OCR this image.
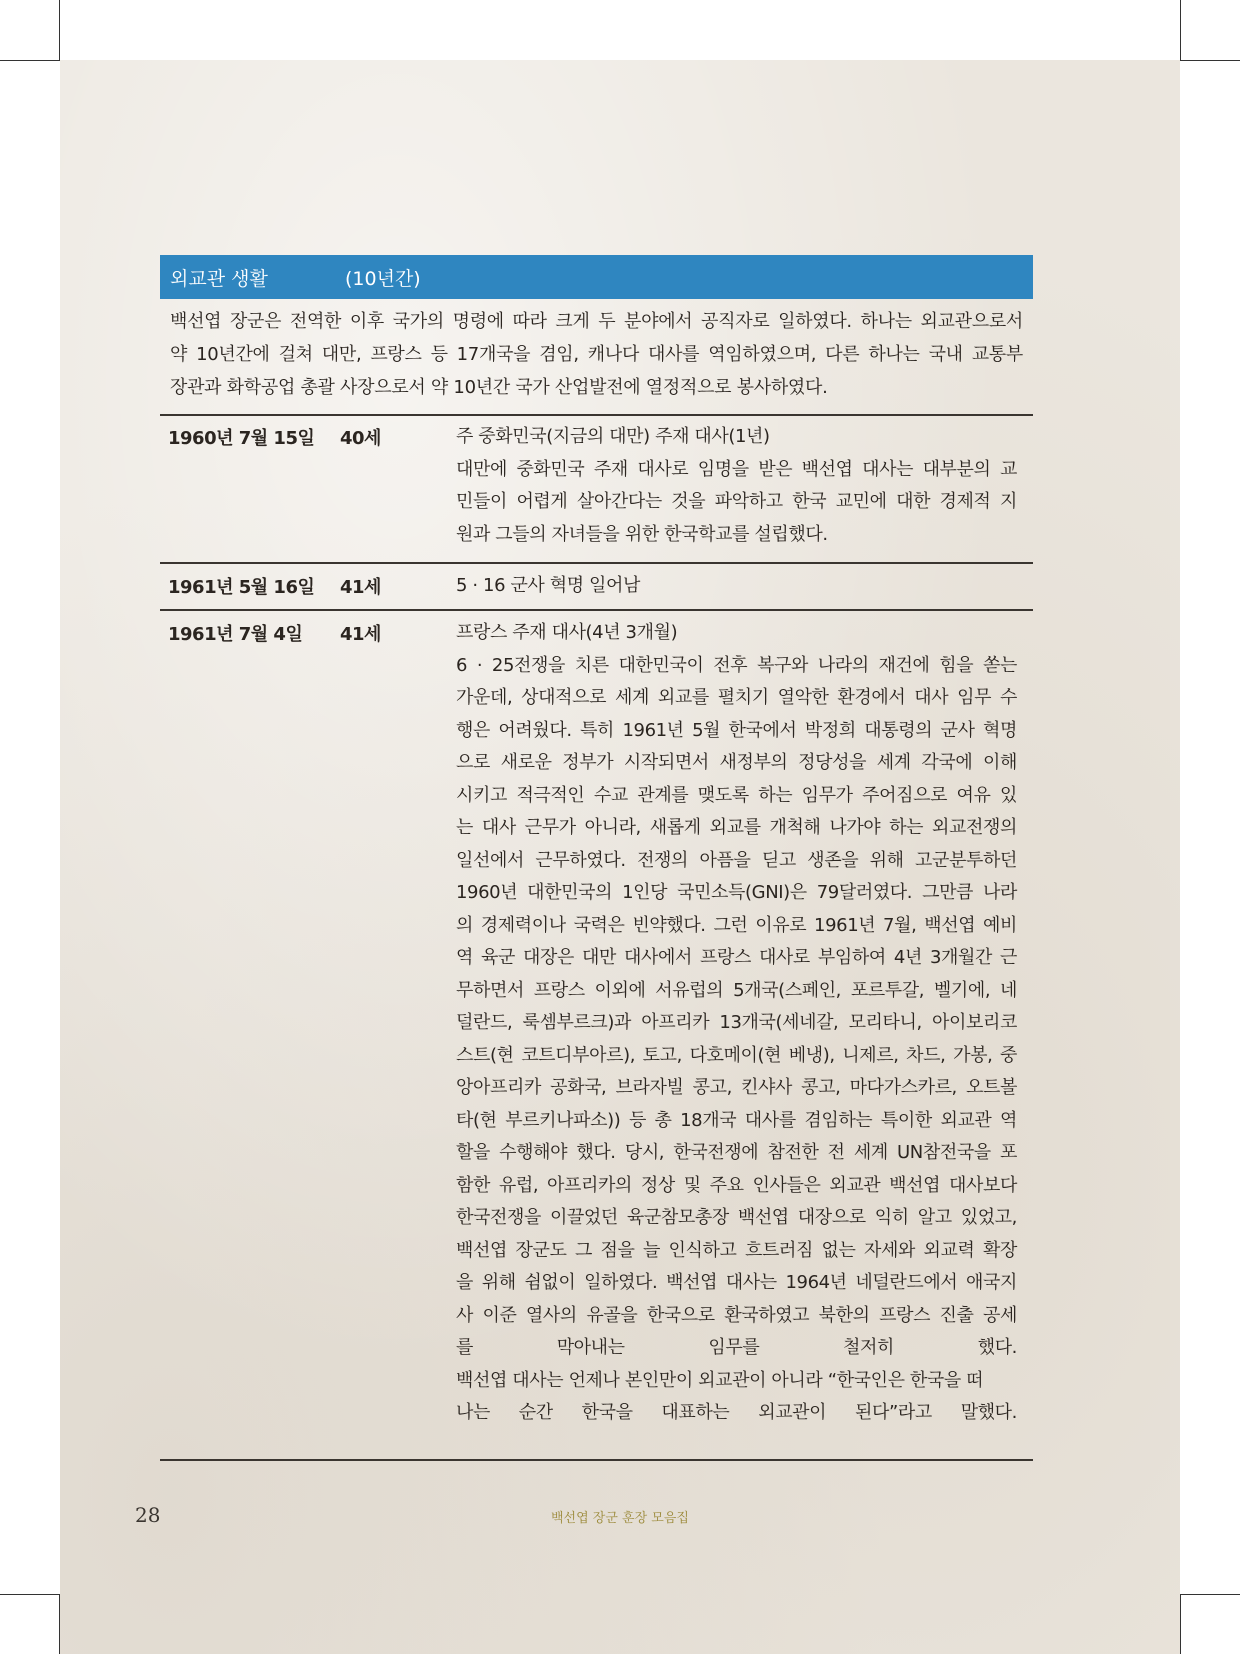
외교관 생활	(10년간)
백선엽 장군은 전역한 이후 국가의 명령에 따라 크게 두 분야에서 공직자로 일하였다. 하나는 외교관으로서
약 10년간에 걸쳐 대만, 프랑스 등 17개국을 겸임, 캐나다 대사를 역임하였으며, 다른 하나는 국내 교통부
장관과 화학공업 총괄 사장으로서 약 10년간 국가 산업발전에 열정적으로 봉사하였다.
1960년 7월 15일 40세	주 중화민국(지금의 대만) 주재 대사(1년)
대만에 중화민국 주재 대사로 임명을 받은 백선엽 대사는 대부분의 교
민들이 어렵게 살아간다는 것을 파악하고 한국 교민에 대한 경제적 지
원과 그들의 자녀들을 위한 한국학교를 설립했다.
1961년 5월 16일 41세	5 · 16 군사 혁명 일어남
1961년 7월 4일 41세	프랑스 주재 대사(4년 3개월)
6 · 25전쟁을 치른 대한민국이 전후 복구와 나라의 재건에 힘을 쏟는
가운데, 상대적으로 세계 외교를 펼치기 열악한 환경에서 대사 임무 수
행은 어려웠다. 특히 1961년 5월 한국에서 박정희 대통령의 군사 혁명
으로 새로운 정부가 시작되면서 새정부의 정당성을 세계 각국에 이해
시키고 적극적인 수교 관계를 맺도록 하는 임무가 주어짐으로 여유 있
는 대사 근무가 아니라, 새롭게 외교를 개척해 나가야 하는 외교전쟁의
일선에서 근무하였다. 전쟁의 아픔을 딛고 생존을 위해 고군분투하던
1960년 대한민국의 1인당 국민소득(GNI)은 79달러였다. 그만큼 나라
의 경제력이나 국력은 빈약했다. 그런 이유로 1961년 7월, 백선엽 예비
역 육군 대장은 대만 대사에서 프랑스 대사로 부임하여 4년 3개월간 근
무하면서 프랑스 이외에 서유럽의 5개국(스페인, 포르투갈, 벨기에, 네
덜란드, 룩셈부르크)과 아프리카 13개국(세네갈, 모리타니, 아이보리코
스트(현 코트디부아르), 토고, 다호메이(현 베냉), 니제르, 차드, 가봉, 중
앙아프리카 공화국, 브라자빌 콩고, 킨샤사 콩고, 마다가스카르, 오트볼
타(현 부르키나파소)) 등 총 18개국 대사를 겸임하는 특이한 외교관 역
할을 수행해야 했다. 당시, 한국전쟁에 참전한 전 세계 UN참전국을 포
함한 유럽, 아프리카의 정상 및 주요 인사들은 외교관 백선엽 대사보다
한국전쟁을 이끌었던 육군참모총장 백선엽 대장으로 익히 알고 있었고,
백선엽 장군도 그 점을 늘 인식하고 흐트러짐 없는 자세와 외교력 확장
을 위해 쉼없이 일하였다. 백선엽 대사는 1964년 네덜란드에서 애국지
사 이준 열사의 유골을 한국으로 환국하였고 북한의 프랑스 진출 공세
를 막아내는 임무를 철저히 했다.
백선엽 대사는 언제나 본인만이 외교관이 아니라 “한국인은 한국을 떠
나는 순간 한국을 대표하는 외교관이 된다”라고 말했다.
28	백선엽 장군 훈장 모음집
